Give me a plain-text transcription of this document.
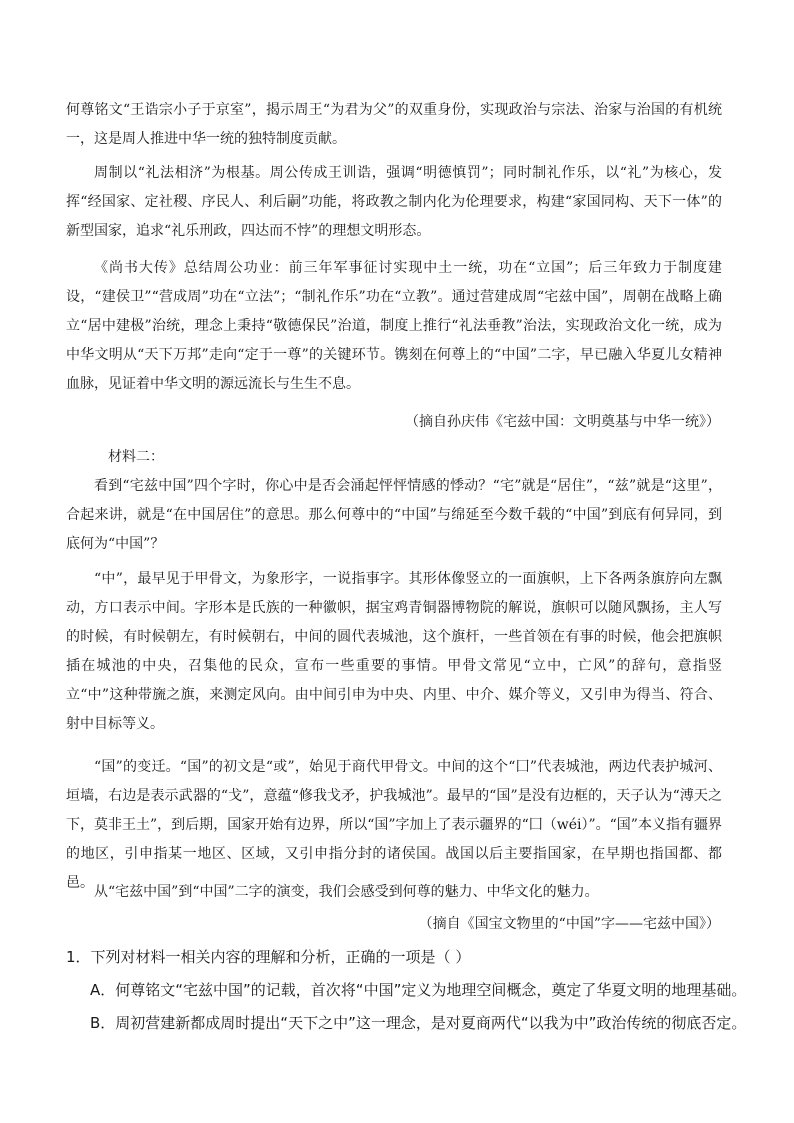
何尊铭文“王诰宗小子于京室”，揭示周王“为君为父”的双重身份，实现政治与宗法、治家与治国的有机统一，这是周人推进中华一统的独特制度贡献。

周制以“礼法相济”为根基。周公传成王训诰，强调“明德慎罚”；同时制礼作乐，以“礼”为核心，发挥“经国家、定社稷、序民人、利后嗣”功能，将政教之制内化为伦理要求，构建“家国同构、天下一体”的新型国家，追求“礼乐刑政，四达而不悖”的理想文明形态。

《尚书大传》总结周公功业：前三年军事征讨实现中土一统，功在“立国”；后三年致力于制度建设，“建侯卫”“营成周”功在“立法”；“制礼作乐”功在“立教”。通过营建成周“宅兹中国”，周朝在战略上确立“居中建极”治统，理念上秉持“敬德保民”治道，制度上推行“礼法垂教”治法，实现政治文化一统，成为中华文明从“天下万邦”走向“定于一尊”的关键环节。镌刻在何尊上的“中国”二字，早已融入华夏儿女精神血脉，见证着中华文明的源远流长与生生不息。

（摘自孙庆伟《宅兹中国：文明奠基与中华一统》）

材料二：

看到“宅兹中国”四个字时，你心中是否会涌起怦怦情感的悸动？“宅”就是“居住”，“兹”就是“这里”，合起来讲，就是“在中国居住”的意思。那么何尊中的“中国”与绵延至今数千载的“中国”到底有何异同，到底何为“中国”？

“中”，最早见于甲骨文，为象形字，一说指事字。其形体像竖立的一面旗帜，上下各两条旗斿向左飘动，方口表示中间。字形本是氏族的一种徽帜，据宝鸡青铜器博物院的解说，旗帜可以随风飘扬，主人写的时候，有时候朝左，有时候朝右，中间的圆代表城池，这个旗杆，一些首领在有事的时候，他会把旗帜插在城池的中央，召集他的民众，宣布一些重要的事情。甲骨文常见“立中，亡风”的辞句，意指竖立“中”这种带旒之旗，来测定风向。由中间引申为中央、内里、中介、媒介等义，又引申为得当、符合、射中目标等义。

“国”的变迁。“国”的初文是“或”，始见于商代甲骨文。中间的这个“囗”代表城池，两边代表护城河、垣墙，右边是表示武器的“戈”，意蕴“修我戈矛，护我城池”。最早的“国”是没有边框的，天子认为“溥天之下，莫非王土”，到后期，国家开始有边界，所以“国”字加上了表示疆界的“囗（wéi）”。“国”本义指有疆界的地区，引申指某一地区、区域，又引申指分封的诸侯国。战国以后主要指国家，在早期也指国都、都邑。

从“宅兹中国”到“中国”二字的演变，我们会感受到何尊的魅力、中华文化的魅力。

（摘自《国宝文物里的“中国”字——宅兹中国》）

1．下列对材料一相关内容的理解和分析，正确的一项是（ ）

A．何尊铭文“宅兹中国”的记载，首次将“中国”定义为地理空间概念，奠定了华夏文明的地理基础。

B．周初营建新都成周时提出“天下之中”这一理念，是对夏商两代“以我为中”政治传统的彻底否定。
